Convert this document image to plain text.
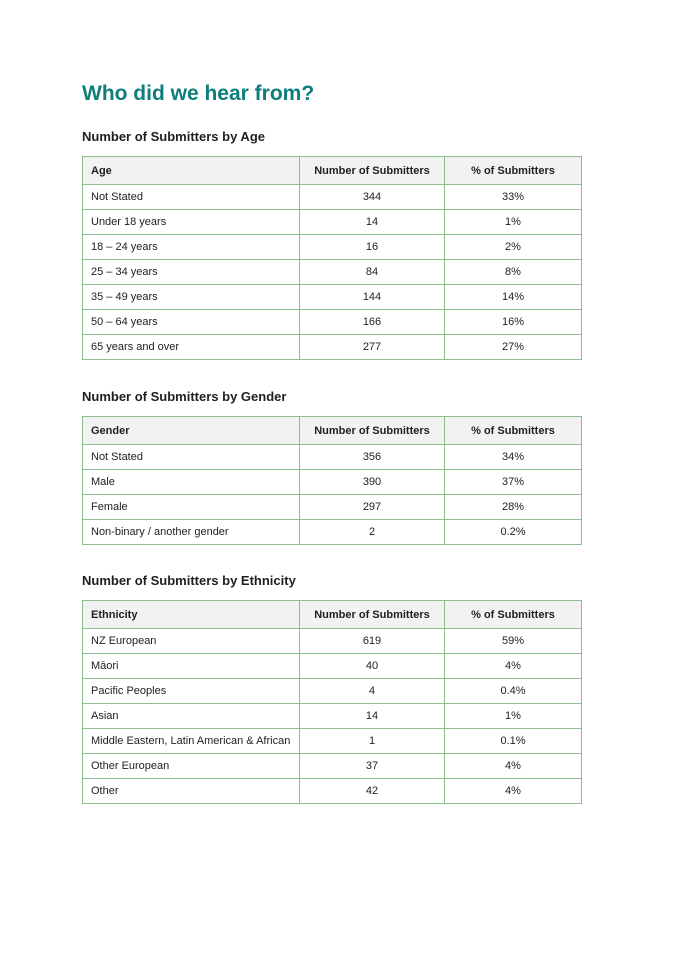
Who did we hear from?
Number of Submitters by Age
Age	Number of Submitters	% of Submitters
Not Stated	344	33%
Under 18 years	14	1%
18 – 24 years	16	2%
25 – 34 years	84	8%
35 – 49 years	144	14%
50 – 64 years	166	16%
65 years and over	277	27%
Number of Submitters by Gender
Gender	Number of Submitters	% of Submitters
Not Stated	356	34%
Male	390	37%
Female	297	28%
Non-binary / another gender	2	0.2%
Number of Submitters by Ethnicity
Ethnicity	Number of Submitters	% of Submitters
NZ European	619	59%
Māori	40	4%
Pacific Peoples	4	0.4%
Asian	14	1%
Middle Eastern, Latin American & African	1	0.1%
Other European	37	4%
Other	42	4%
